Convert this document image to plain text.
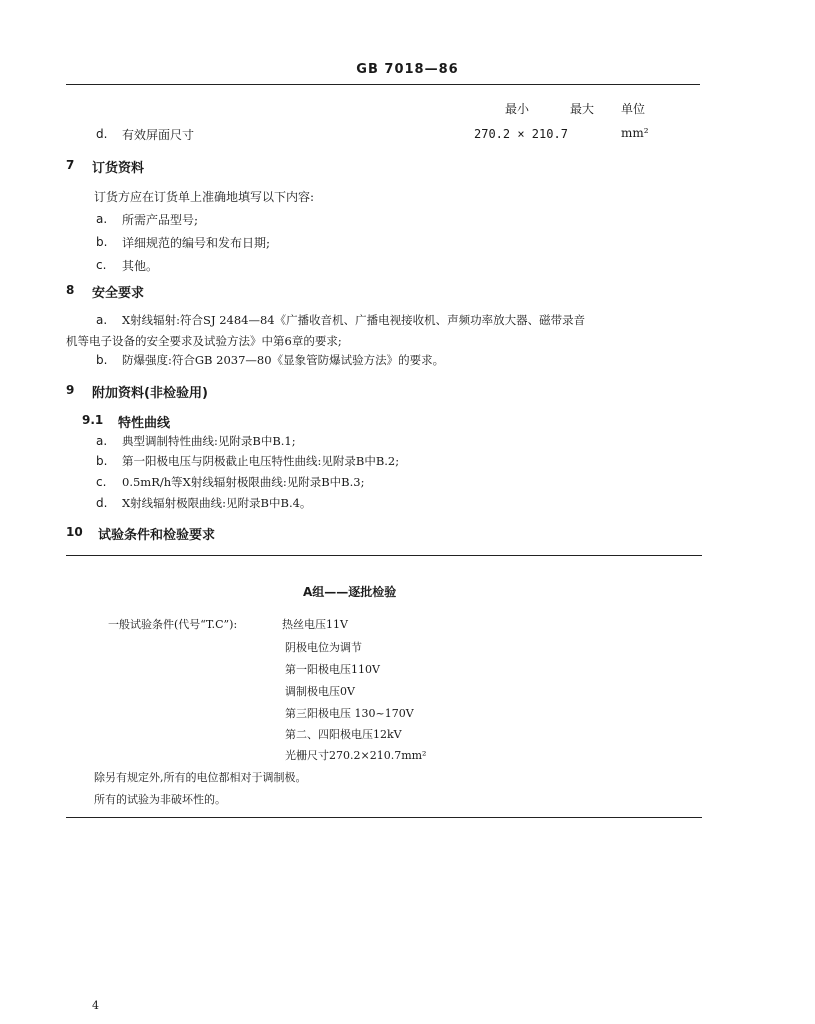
GB 7018—86
最小	最大 单位
d. 有效屏面尺寸	270.2 × 210.7	mm²
7 订货资料
订货方应在订货单上准确地填写以下内容:
a. 所需产品型号;
b. 详细规范的编号和发布日期;
c. 其他。
8 安全要求
a. X射线辐射:符合SJ 2484—84《广播收音机、广播电视接收机、声频功率放大器、磁带录音
机等电子设备的安全要求及试验方法》中第6章的要求;
b. 防爆强度:符合GB 2037—80《显象管防爆试验方法》的要求。
9 附加资料(非检验用)
9.1 特性曲线
a. 典型调制特性曲线:见附录B中B.1;
b. 第一阳极电压与阴极截止电压特性曲线:见附录B中B.2;
c. 0.5mR/h等X射线辐射极限曲线:见附录B中B.3;
d. X射线辐射极限曲线:见附录B中B.4。
10 试验条件和检验要求
A组——逐批检验
一般试验条件(代号“T.C”):	热丝电压11V
阴极电位为调节
第一阳极电压110V
调制极电压0V
第三阳极电压 130~170V
第二、四阳极电压12kV
光栅尺寸270.2×210.7mm²
除另有规定外,所有的电位都相对于调制极。
所有的试验为非破坏性的。
4
